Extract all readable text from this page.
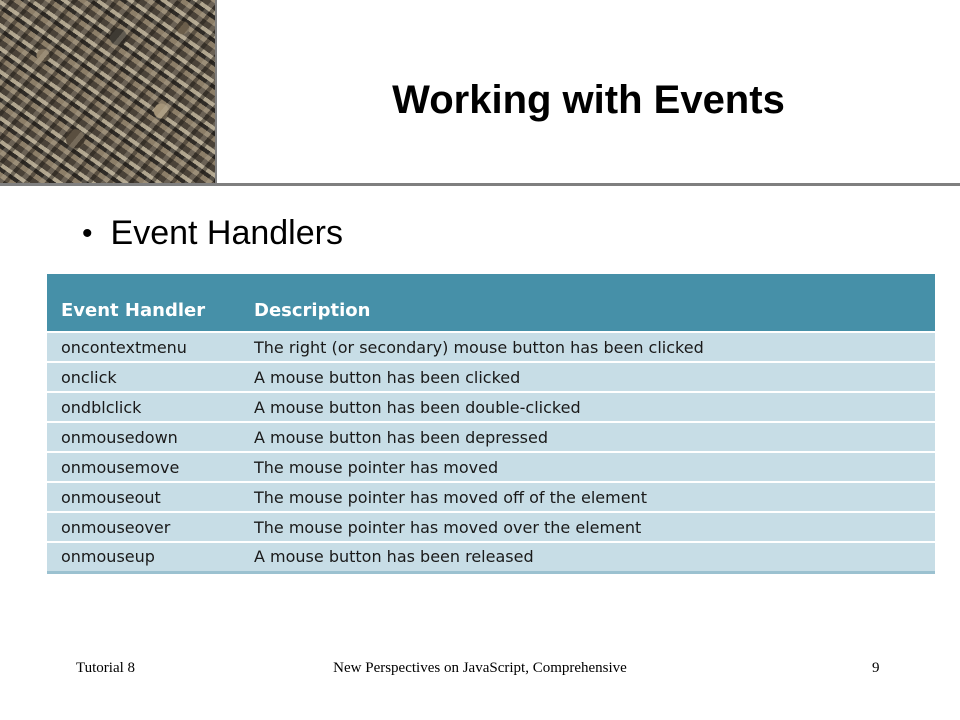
Working with Events
• Event Handlers
Event Handler	Description
oncontextmenu	The right (or secondary) mouse button has been clicked
onclick	A mouse button has been clicked
ondblclick	A mouse button has been double-clicked
onmousedown	A mouse button has been depressed
onmousemove	The mouse pointer has moved
onmouseout	The mouse pointer has moved off of the element
onmouseover	The mouse pointer has moved over the element
onmouseup	A mouse button has been released
New Perspectives on JavaScript, Comprehensive
Tutorial 8	9
